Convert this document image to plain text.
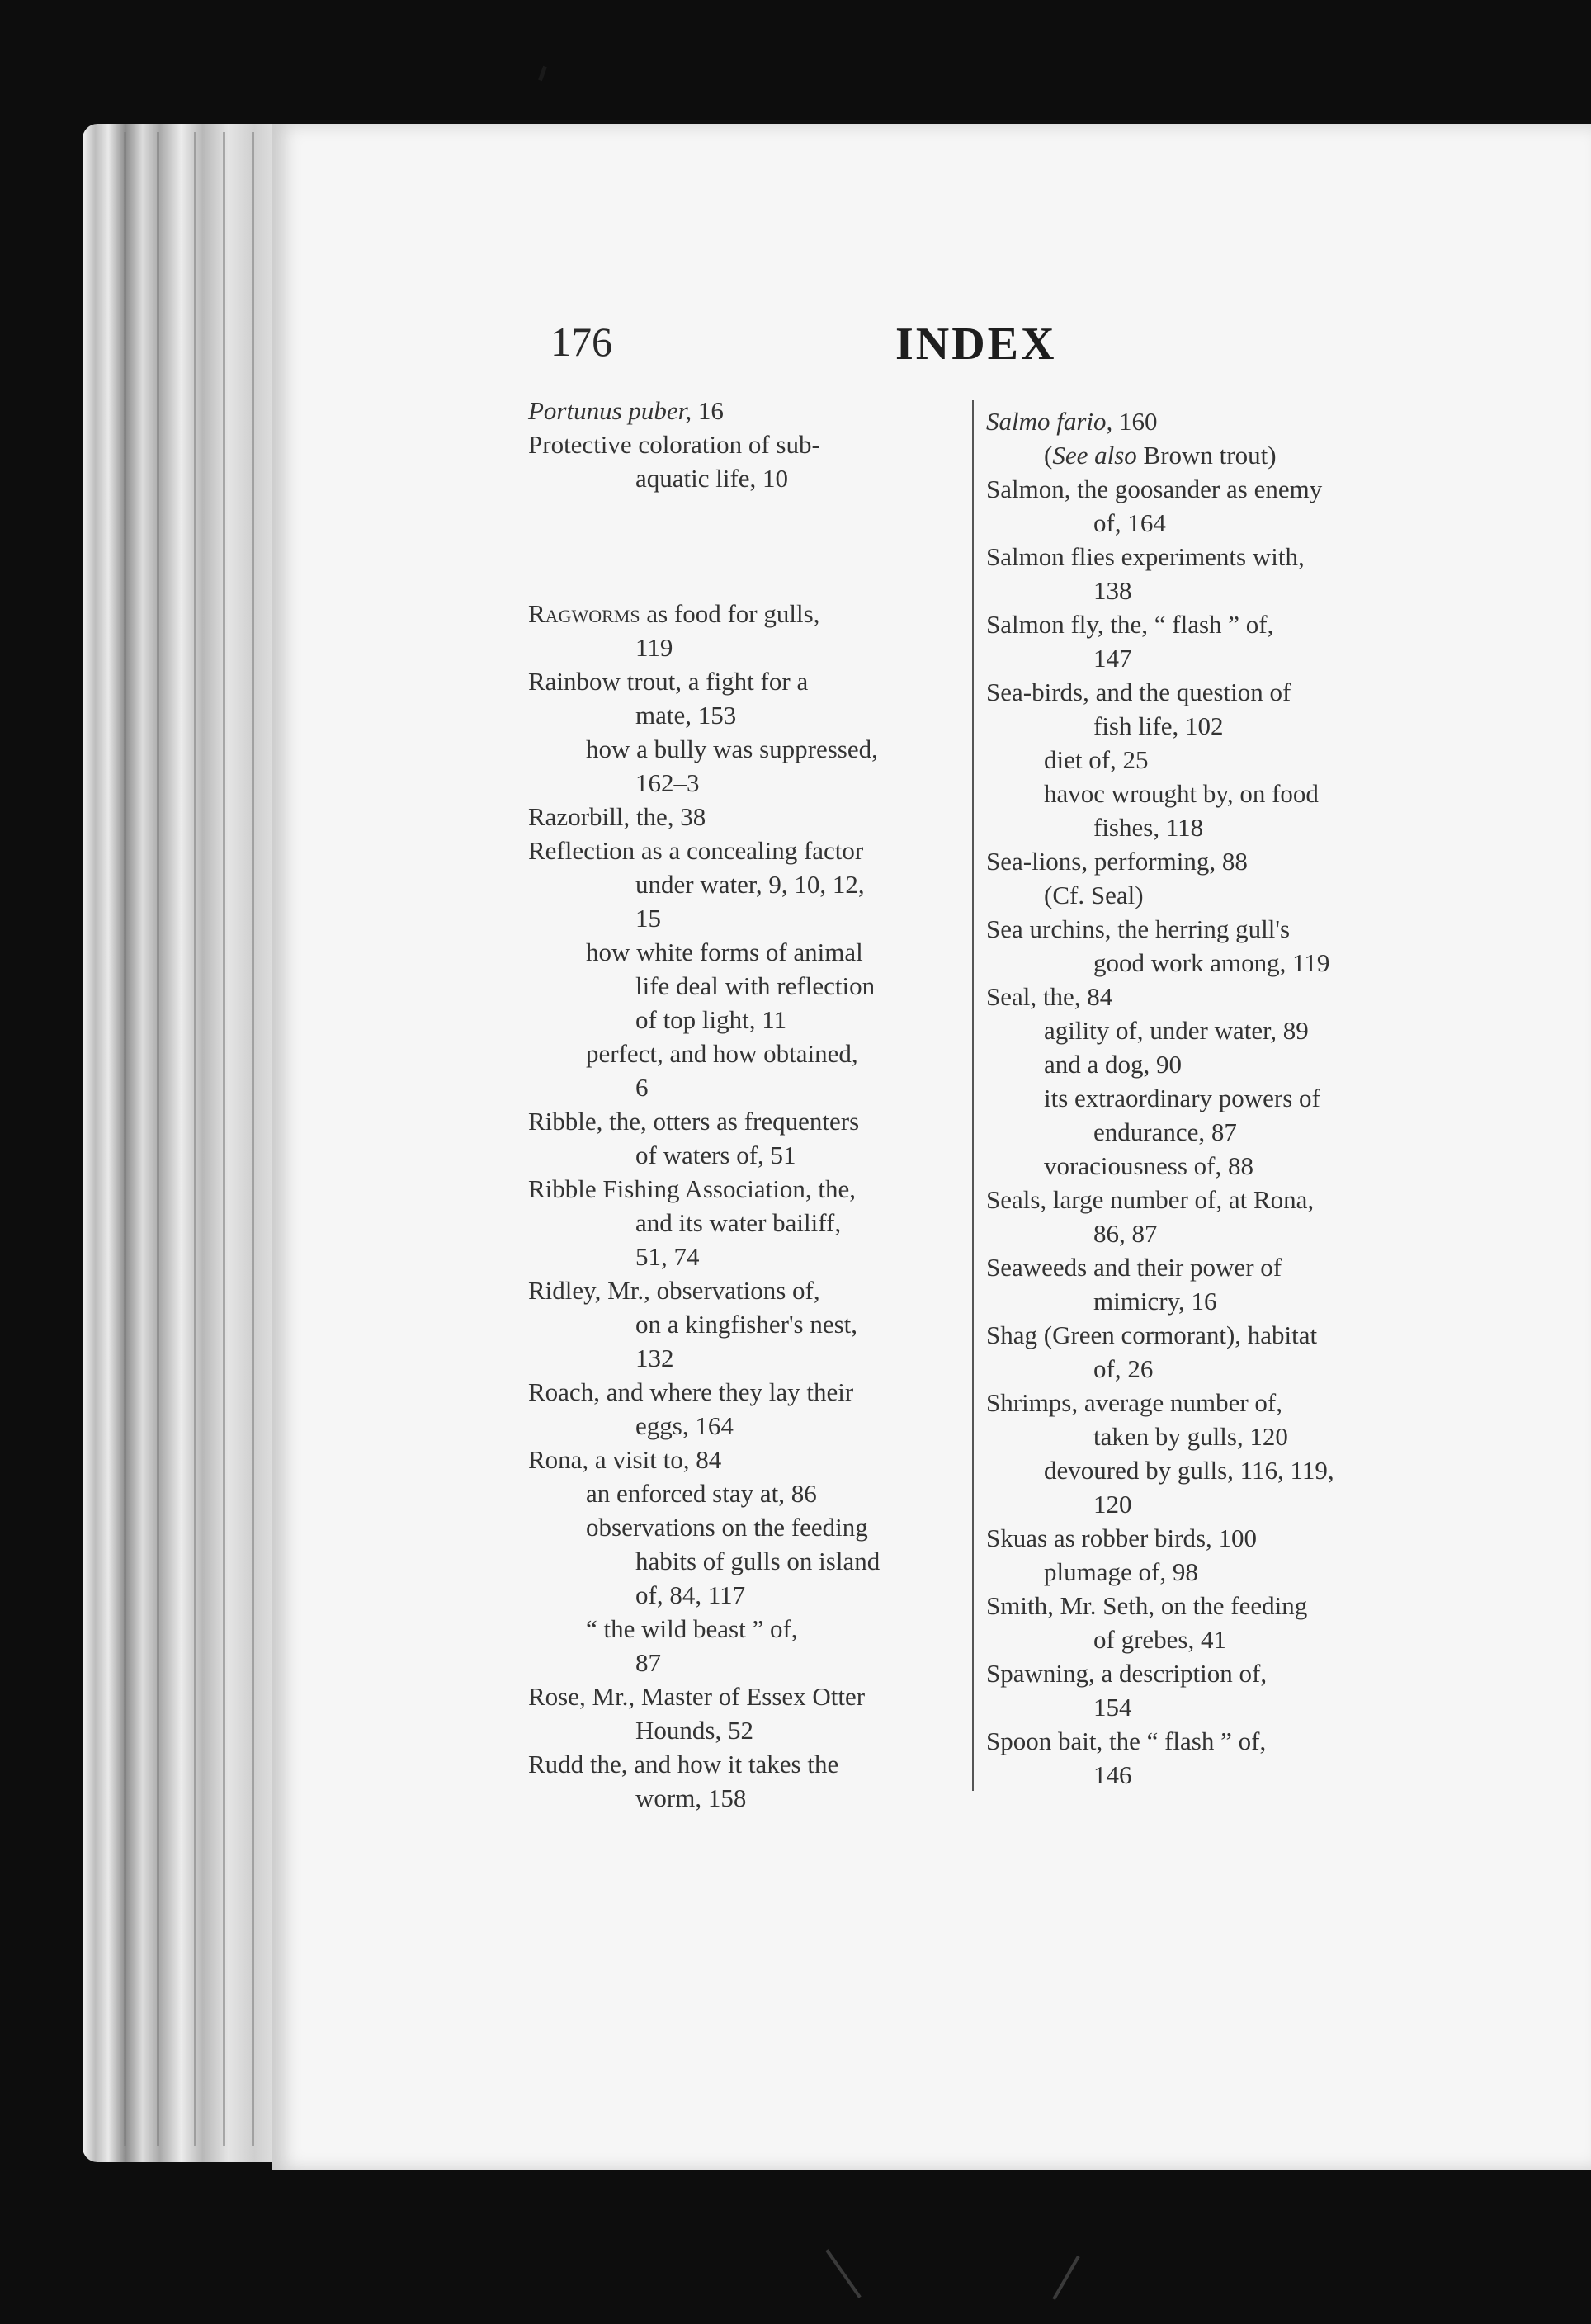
176	INDEX
Portunus puber, 16
Protective coloration of sub-
aquatic life, 10
Ragworms as food for gulls,
119
Rainbow trout, a fight for a
mate, 153
how a bully was suppressed,
162–3
Razorbill, the, 38
Reflection as a concealing factor
under water, 9, 10, 12,
15
how white forms of animal
life deal with reflection
of top light, 11
perfect, and how obtained,
6
Ribble, the, otters as frequenters
of waters of, 51
Ribble Fishing Association, the,
and its water bailiff,
51, 74
Ridley, Mr., observations of,
on a kingfisher's nest,
132
Roach, and where they lay their
eggs, 164
Rona, a visit to, 84
an enforced stay at, 86
observations on the feeding
habits of gulls on island
of, 84, 117
“ the wild beast ” of,
87
Rose, Mr., Master of Essex Otter
Hounds, 52
Rudd the, and how it takes the
worm, 158
Salmo fario, 160
(See also Brown trout)
Salmon, the goosander as enemy
of, 164
Salmon flies experiments with,
138
Salmon fly, the, “ flash ” of,
147
Sea-birds, and the question of
fish life, 102
diet of, 25
havoc wrought by, on food
fishes, 118
Sea-lions, performing, 88
(Cf. Seal)
Sea urchins, the herring gull's
good work among, 119
Seal, the, 84
agility of, under water, 89
and a dog, 90
its extraordinary powers of
endurance, 87
voraciousness of, 88
Seals, large number of, at Rona,
86, 87
Seaweeds and their power of
mimicry, 16
Shag (Green cormorant), habitat
of, 26
Shrimps, average number of,
taken by gulls, 120
devoured by gulls, 116, 119,
120
Skuas as robber birds, 100
plumage of, 98
Smith, Mr. Seth, on the feeding
of grebes, 41
Spawning, a description of,
154
Spoon bait, the “ flash ” of,
146
